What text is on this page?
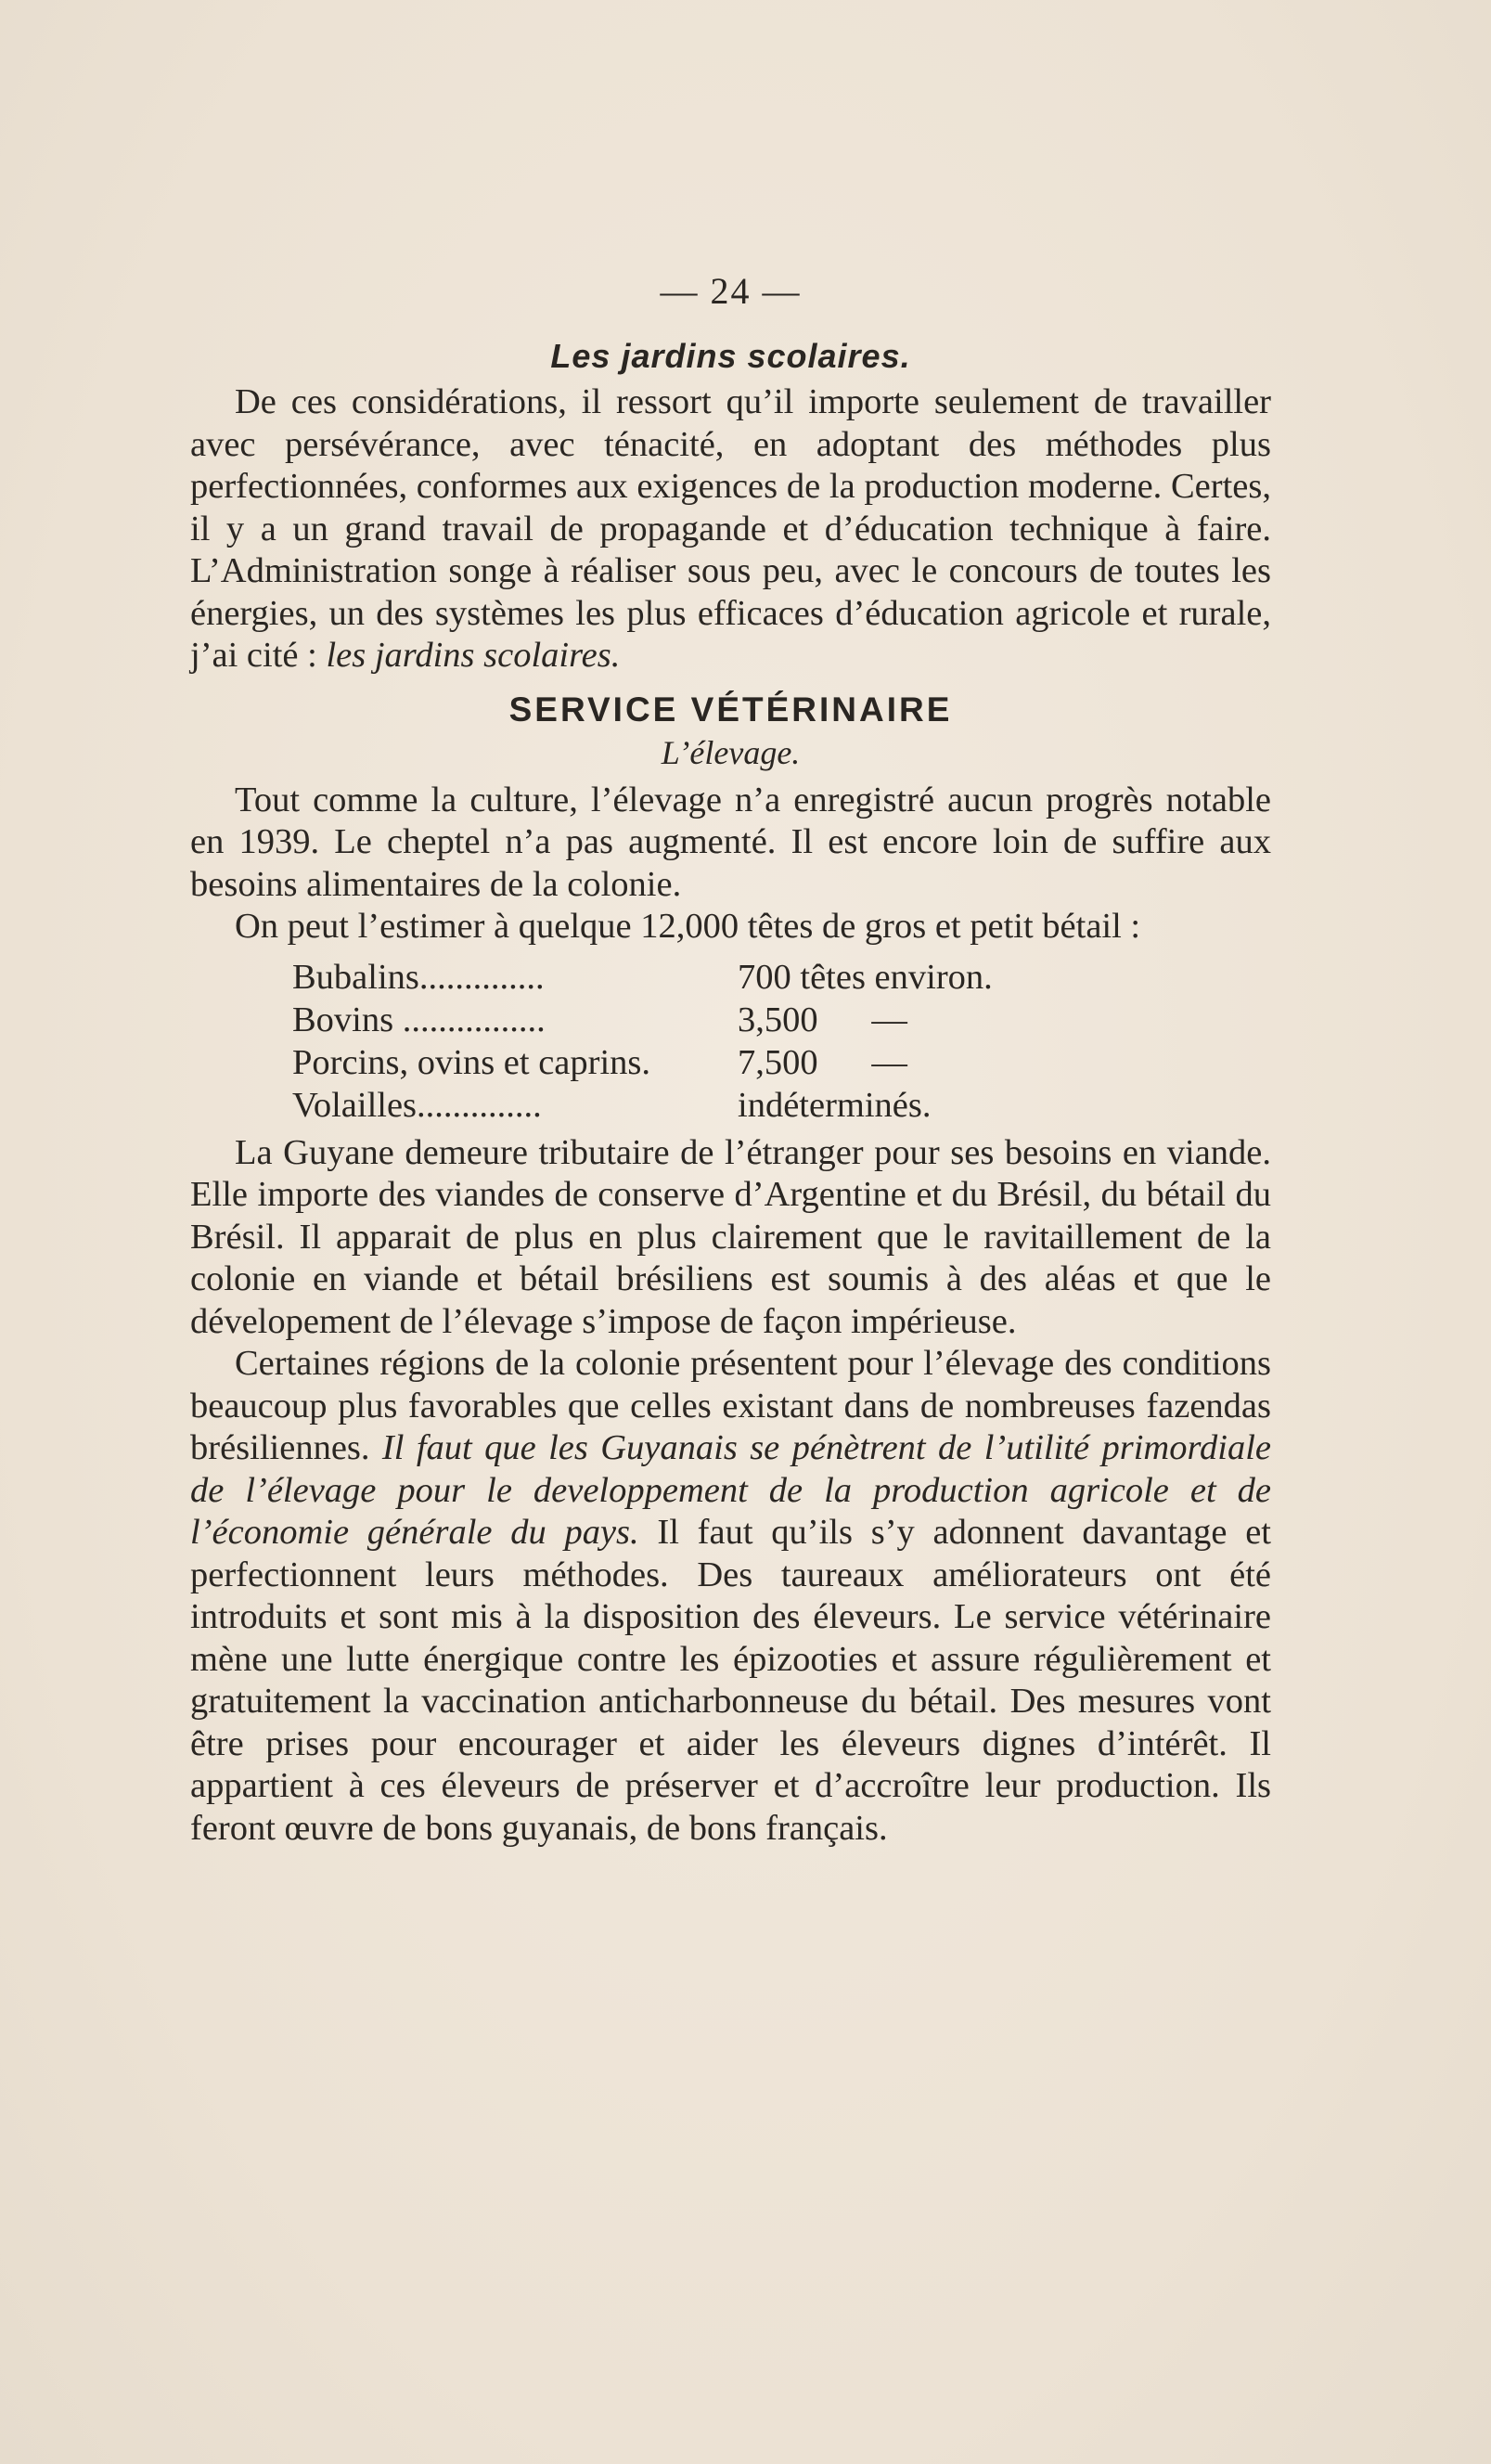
— 24 —
Les jardins scolaires.

De ces considérations, il ressort qu’il importe seulement de travailler avec persévérance, avec ténacité, en adoptant des méthodes plus perfectionnées, conformes aux exigences de la production moderne. Certes, il y a un grand travail de propagande et d’éducation technique à faire. L’Administration songe à réaliser sous peu, avec le concours de toutes les énergies, un des systèmes les plus efficaces d’éducation agricole et rurale, j’ai cité : les jardins scolaires.

SERVICE VÉTÉRINAIRE
L’élevage.

Tout comme la culture, l’élevage n’a enregistré aucun progrès notable en 1939. Le cheptel n’a pas augmenté. Il est encore loin de suffire aux besoins alimentaires de la colonie.

On peut l’estimer à quelque 12,000 têtes de gros et petit bétail :

Bubalins..............	700 têtes environ.
Bovins ................	3,500      —
Porcins, ovins et caprins.	7,500      —
Volailles..............	indéterminés.

La Guyane demeure tributaire de l’étranger pour ses besoins en viande. Elle importe des viandes de conserve d’Argentine et du Brésil, du bétail du Brésil. Il apparait de plus en plus clairement que le ravitaillement de la colonie en viande et bétail brésiliens est soumis à des aléas et que le dévelopement de l’élevage s’impose de façon impérieuse.

Certaines régions de la colonie présentent pour l’élevage des conditions beaucoup plus favorables que celles existant dans de nombreuses fazendas brésiliennes. Il faut que les Guyanais se pénètrent de l’utilité primordiale de l’élevage pour le developpement de la production agricole et de l’économie générale du pays. Il faut qu’ils s’y adonnent davantage et perfectionnent leurs méthodes. Des taureaux améliorateurs ont été introduits et sont mis à la disposition des éleveurs. Le service vétérinaire mène une lutte énergique contre les épizooties et assure régulièrement et gratuitement la vaccination anticharbonneuse du bétail. Des mesures vont être prises pour encourager et aider les éleveurs dignes d’intérêt. Il appartient à ces éleveurs de préserver et d’accroître leur production. Ils feront œuvre de bons guyanais, de bons français.
